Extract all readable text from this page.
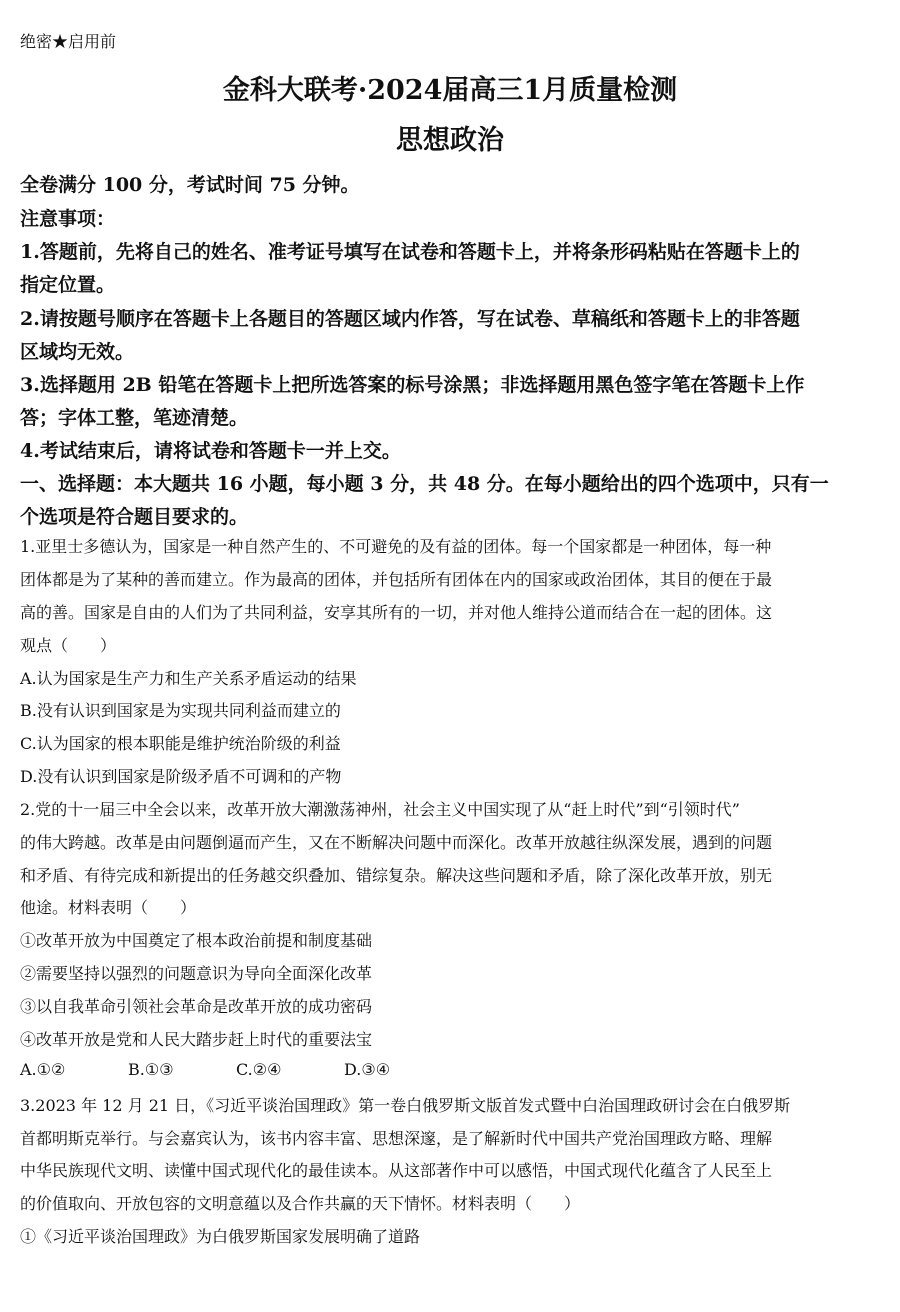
绝密★启用前
金科大联考·2024届高三1月质量检测
思想政治
全卷满分 100 分，考试时间 75 分钟。
注意事项：
1.答题前，先将自己的姓名、准考证号填写在试卷和答题卡上，并将条形码粘贴在答题卡上的
指定位置。
2.请按题号顺序在答题卡上各题目的答题区域内作答，写在试卷、草稿纸和答题卡上的非答题
区域均无效。
3.选择题用 2B 铅笔在答题卡上把所选答案的标号涂黑；非选择题用黑色签字笔在答题卡上作
答；字体工整，笔迹清楚。
4.考试结束后，请将试卷和答题卡一并上交。
一、选择题：本大题共 16 小题，每小题 3 分，共 48 分。在每小题给出的四个选项中，只有一
个选项是符合题目要求的。
1.亚里士多德认为，国家是一种自然产生的、不可避免的及有益的团体。每一个国家都是一种团体，每一种
团体都是为了某种的善而建立。作为最高的团体，并包括所有团体在内的国家或政治团体，其目的便在于最
高的善。国家是自由的人们为了共同利益，安享其所有的一切，并对他人维持公道而结合在一起的团体。这
观点（　　）
A.认为国家是生产力和生产关系矛盾运动的结果
B.没有认识到国家是为实现共同利益而建立的
C.认为国家的根本职能是维护统治阶级的利益
D.没有认识到国家是阶级矛盾不可调和的产物
2.党的十一届三中全会以来，改革开放大潮激荡神州，社会主义中国实现了从“赶上时代”到“引领时代”
的伟大跨越。改革是由问题倒逼而产生，又在不断解决问题中而深化。改革开放越往纵深发展，遇到的问题
和矛盾、有待完成和新提出的任务越交织叠加、错综复杂。解决这些问题和矛盾，除了深化改革开放，别无
他途。材料表明（　　）
①改革开放为中国奠定了根本政治前提和制度基础
②需要坚持以强烈的问题意识为导向全面深化改革
③以自我革命引领社会革命是改革开放的成功密码
④改革开放是党和人民大踏步赶上时代的重要法宝
A.①②	B.①③	C.②④	D.③④
3.2023 年 12 月 21 日，《习近平谈治国理政》第一卷白俄罗斯文版首发式暨中白治国理政研讨会在白俄罗斯
首都明斯克举行。与会嘉宾认为，该书内容丰富、思想深邃，是了解新时代中国共产党治国理政方略、理解
中华民族现代文明、读懂中国式现代化的最佳读本。从这部著作中可以感悟，中国式现代化蕴含了人民至上
的价值取向、开放包容的文明意蕴以及合作共赢的天下情怀。材料表明（　　）
①《习近平谈治国理政》为白俄罗斯国家发展明确了道路
